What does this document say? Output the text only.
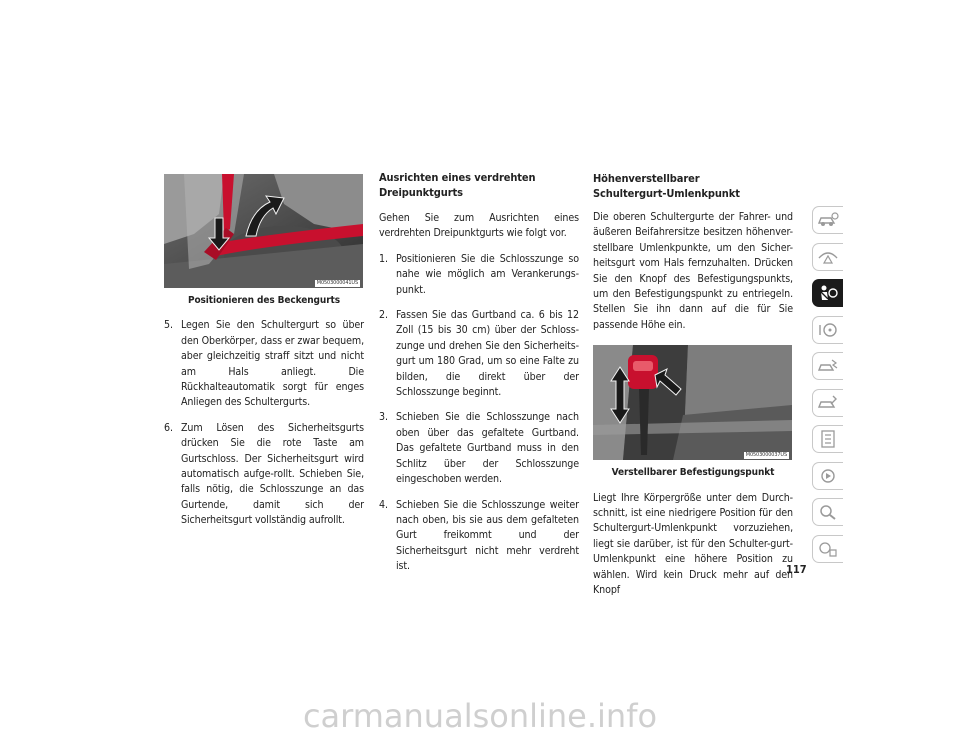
M0503000041US
Positionieren des Beckengurts
5. Legen Sie den Schultergurt so über den Oberkörper, dass er zwar bequem, aber gleichzeitig straff sitzt und nicht am Hals anliegt. Die Rückhalteautomatik sorgt für enges Anliegen des Schultergurts.
6. Zum Lösen des Sicherheitsgurts drücken Sie die rote Taste am Gurtschloss. Der Sicherheitsgurt wird automatisch aufge-rollt. Schieben Sie, falls nötig, die Schlosszunge an das Gurtende, damit sich der Sicherheitsgurt vollständig aufrollt.
Ausrichten eines verdrehten Dreipunktgurts

Gehen Sie zum Ausrichten eines verdrehten Dreipunktgurts wie folgt vor.

1. Positionieren Sie die Schlosszunge so nahe wie möglich am Verankerungs-punkt.
2. Fassen Sie das Gurtband ca. 6 bis 12 Zoll (15 bis 30 cm) über der Schloss-zunge und drehen Sie den Sicherheits-gurt um 180 Grad, um so eine Falte zu bilden, die direkt über der Schlosszunge beginnt.
3. Schieben Sie die Schlosszunge nach oben über das gefaltete Gurtband. Das gefaltete Gurtband muss in den Schlitz über der Schlosszunge eingeschoben werden.
4. Schieben Sie die Schlosszunge weiter nach oben, bis sie aus dem gefalteten Gurt freikommt und der Sicherheitsgurt nicht mehr verdreht ist.
Höhenverstellbarer
Schultergurt-Umlenkpunkt

Die oberen Schultergurte der Fahrer- und äußeren Beifahrersitze besitzen höhenver-stellbare Umlenkpunkte, um den Sicher-heitsgurt vom Hals fernzuhalten. Drücken Sie den Knopf des Befestigungspunkts, um den Befestigungspunkt zu entriegeln. Stellen Sie ihn dann auf die für Sie passende Höhe ein.

M0503000037US
Verstellbarer Befestigungspunkt

Liegt Ihre Körpergröße unter dem Durch-schnitt, ist eine niedrigere Position für den Schultergurt-Umlenkpunkt vorzuziehen, liegt sie darüber, ist für den Schulter-gurt-Umlenkpunkt eine höhere Position zu wählen. Wird kein Druck mehr auf den Knopf

117
carmanualsonline.info
